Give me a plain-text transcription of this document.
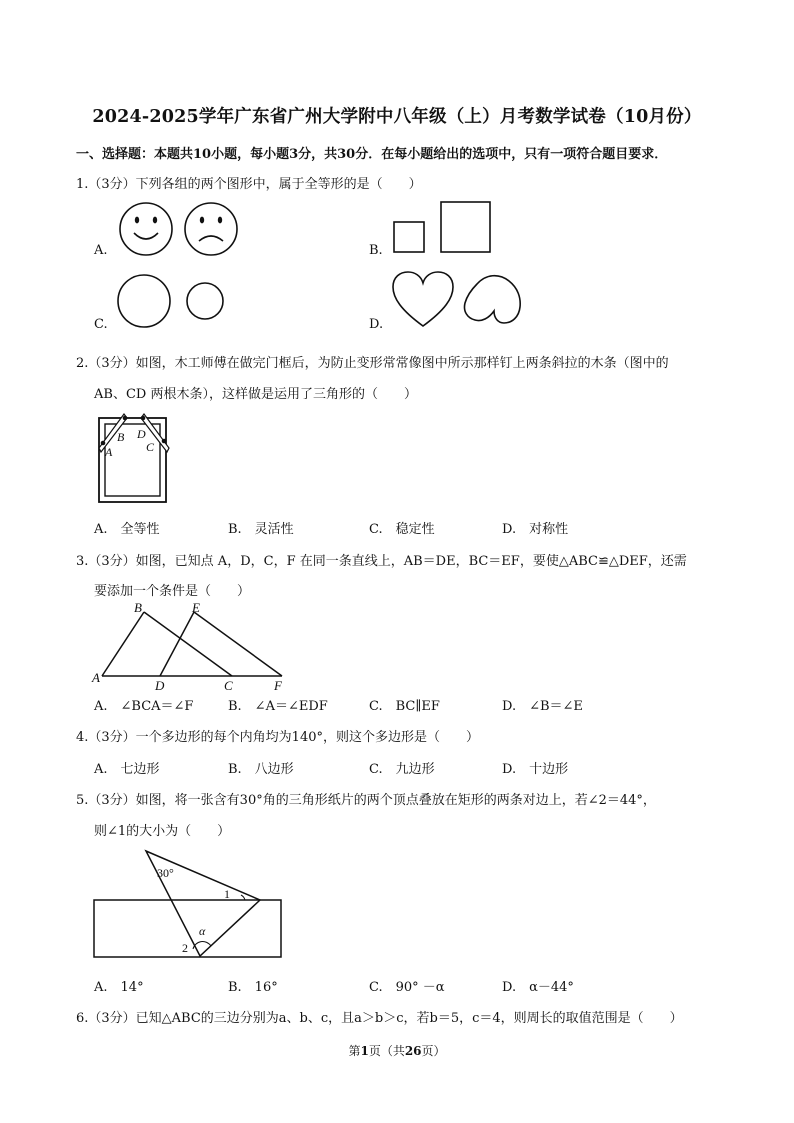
2024-2025学年广东省广州大学附中八年级（上）月考数学试卷（10月份）
一、选择题：本题共10小题，每小题3分，共30分．在每小题给出的选项中，只有一项符合题目要求．
1.（3分）下列各组的两个图形中，属于全等形的是（　　）
A.	B.
C.	D.
2.（3分）如图，木工师傅在做完门框后，为防止变形常常像图中所示那样钉上两条斜拉的木条（图中的
AB、CD 两根木条），这样做是运用了三角形的（　　）
B D
A	C
A.　全等性	B.　灵活性	C.　稳定性	D.　对称性
3.（3分）如图，已知点 A，D，C，F 在同一条直线上，AB＝DE，BC＝EF，要使△ABC≌△DEF，还需
要添加一个条件是（　　）
B	E
A
D	C	F
A.　∠BCA＝∠F	B.　∠A＝∠EDF	C.　BC∥EF	D.　∠B＝∠E
4.（3分）一个多边形的每个内角均为140°，则这个多边形是（　　）
A.　七边形	B.　八边形	C.　九边形	D.　十边形
5.（3分）如图，将一张含有30°角的三角形纸片的两个顶点叠放在矩形的两条对边上，若∠2＝44°，
则∠1的大小为（　　）
30°
1
α
2
A.　14°	B.　16°	C.　90° －α	D.　α－44°
6.（3分）已知△ABC的三边分别为a、b、c，且a＞b＞c，若b＝5，c＝4，则周长的取值范围是（　　）
第1页（共26页）
